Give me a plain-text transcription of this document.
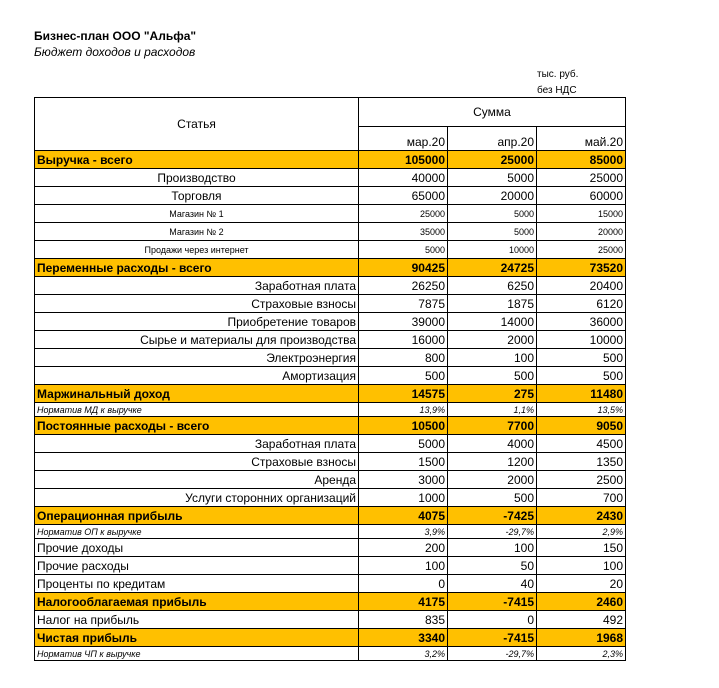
Бизнес-план ООО "Альфа"
Бюджет доходов и расходов
тыс. руб.
без НДС
Статья	Сумма		
	мар.20	апр.20	май.20
Выручка - всего	105000	25000	85000
Производство	40000	5000	25000
Торговля	65000	20000	60000
Магазин № 1	25000	5000	15000
Магазин № 2	35000	5000	20000
Продажи через интернет	5000	10000	25000
Переменные расходы - всего	90425	24725	73520
Заработная плата	26250	6250	20400
Страховые взносы	7875	1875	6120
Приобретение товаров	39000	14000	36000
Сырье и материалы для производства	16000	2000	10000
Электроэнергия	800	100	500
Амортизация	500	500	500
Маржинальный доход	14575	275	11480
Норматив МД к выручке	13,9%	1,1%	13,5%
Постоянные расходы - всего	10500	7700	9050
Заработная плата	5000	4000	4500
Страховые взносы	1500	1200	1350
Аренда	3000	2000	2500
Услуги сторонних организаций	1000	500	700
Операционная прибыль	4075	-7425	2430
Норматив ОП к выручке	3,9%	-29,7%	2,9%
Прочие доходы	200	100	150
Прочие расходы	100	50	100
Проценты по кредитам	0	40	20
Налогооблагаемая прибыль	4175	-7415	2460
Налог на прибыль	835	0	492
Чистая прибыль	3340	-7415	1968
Норматив ЧП к выручке	3,2%	-29,7%	2,3%
